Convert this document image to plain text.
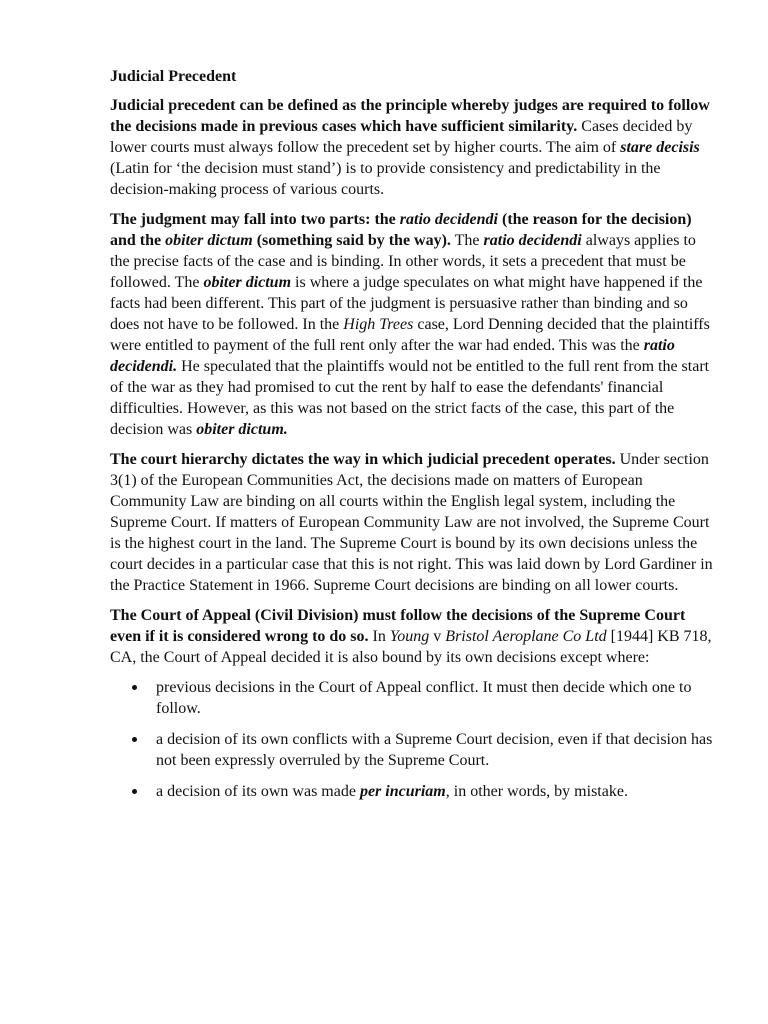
Judicial Precedent

Judicial precedent can be defined as the principle whereby judges are required to follow the decisions made in previous cases which have sufficient similarity. Cases decided by lower courts must always follow the precedent set by higher courts. The aim of stare decisis (Latin for ‘the decision must stand’) is to provide consistency and predictability in the decision-making process of various courts.

The judgment may fall into two parts: the ratio decidendi (the reason for the decision) and the obiter dictum (something said by the way). The ratio decidendi always applies to the precise facts of the case and is binding. In other words, it sets a precedent that must be followed. The obiter dictum is where a judge speculates on what might have happened if the facts had been different. This part of the judgment is persuasive rather than binding and so does not have to be followed. In the High Trees case, Lord Denning decided that the plaintiffs were entitled to payment of the full rent only after the war had ended. This was the ratio decidendi. He speculated that the plaintiffs would not be entitled to the full rent from the start of the war as they had promised to cut the rent by half to ease the defendants' financial difficulties. However, as this was not based on the strict facts of the case, this part of the decision was obiter dictum.

The court hierarchy dictates the way in which judicial precedent operates. Under section 3(1) of the European Communities Act, the decisions made on matters of European Community Law are binding on all courts within the English legal system, including the Supreme Court. If matters of European Community Law are not involved, the Supreme Court is the highest court in the land. The Supreme Court is bound by its own decisions unless the court decides in a particular case that this is not right. This was laid down by Lord Gardiner in the Practice Statement in 1966. Supreme Court decisions are binding on all lower courts.

The Court of Appeal (Civil Division) must follow the decisions of the Supreme Court even if it is considered wrong to do so. In Young v Bristol Aeroplane Co Ltd [1944] KB 718, CA, the Court of Appeal decided it is also bound by its own decisions except where:

previous decisions in the Court of Appeal conflict. It must then decide which one to follow.
a decision of its own conflicts with a Supreme Court decision, even if that decision has not been expressly overruled by the Supreme Court.
a decision of its own was made per incuriam, in other words, by mistake.
